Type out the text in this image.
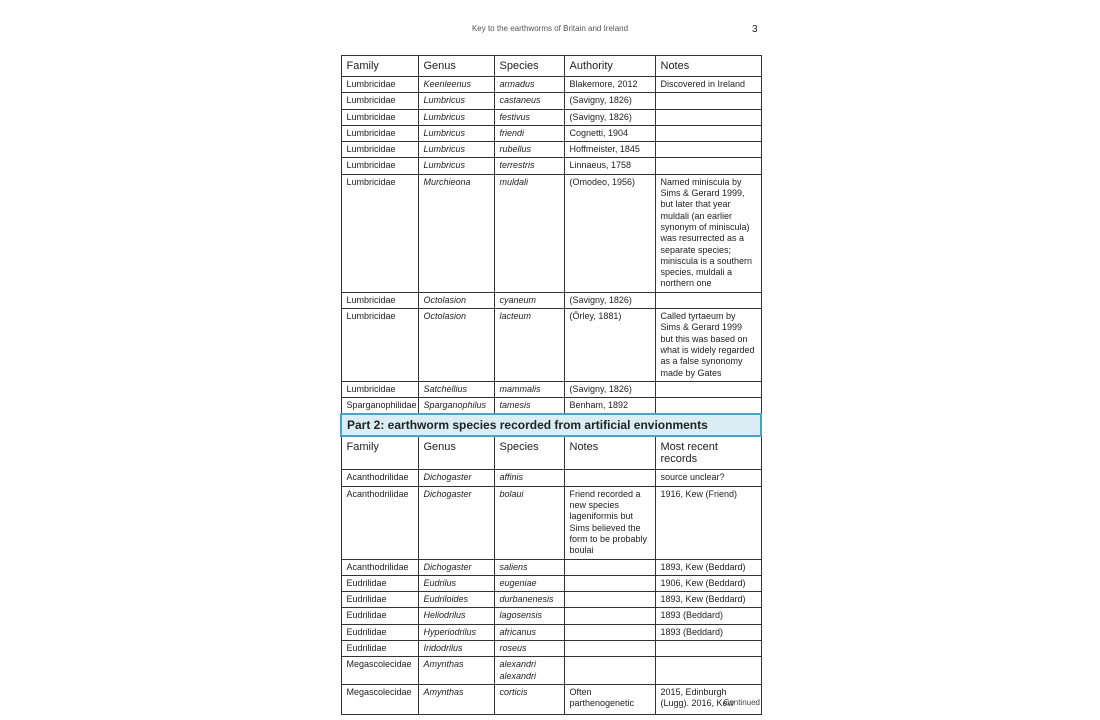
Key to the earthworms of Britain and Ireland	3
Family	Genus	Species	Authority	Notes
Lumbricidae	Keenleenus	armadus	Blakemore, 2012	Discovered in Ireland
Lumbricidae	Lumbricus	castaneus	(Savigny, 1826)	
Lumbricidae	Lumbricus	festivus	(Savigny, 1826)	
Lumbricidae	Lumbricus	friendi	Cognetti, 1904	
Lumbricidae	Lumbricus	rubellus	Hoffmeister, 1845	
Lumbricidae	Lumbricus	terrestris	Linnaeus, 1758	
Lumbricidae	Murchieona	muldali	(Omodeo, 1956)	Named miniscula by Sims & Gerard 1999, but later that year muldali (an earlier synonym of miniscula) was resurrected as a separate species; miniscula is a southern species, muldali a northern one
Lumbricidae	Octolasion	cyaneum	(Savigny, 1826)	
Lumbricidae	Octolasion	lacteum	(Örley, 1881)	Called tyrtaeum by Sims & Gerard 1999 but this was based on what is widely regarded as a false synonomy made by Gates
Lumbricidae	Satchellius	mammalis	(Savigny, 1826)	
Sparganophilidae	Sparganophilus	tamesis	Benham, 1892	
Part 2: earthworm species recorded from artificial envionments				
Family	Genus	Species	Notes	Most recent records
Acanthodrilidae	Dichogaster	affinis		source unclear?
Acanthodrilidae	Dichogaster	bolaui	Friend recorded a new species lageniformis but Sims believed the form to be probably boulai	1916, Kew (Friend)
Acanthodrilidae	Dichogaster	saliens		1893, Kew (Beddard)
Eudrilidae	Eudrilus	eugeniae		1906, Kew (Beddard)
Eudrilidae	Eudriloides	durbanenesis		1893, Kew (Beddard)
Eudrilidae	Heliodrilus	lagosensis		1893 (Beddard)
Eudrilidae	Hyperiodrilus	africanus		1893 (Beddard)
Eudrilidae	Iridodrilus	roseus		
Megascolecidae	Amynthas	alexandri alexandri		
Megascolecidae	Amynthas	corticis	Often parthenogenetic	2015, Edinburgh (Lugg). 2016, Kew
Continued
